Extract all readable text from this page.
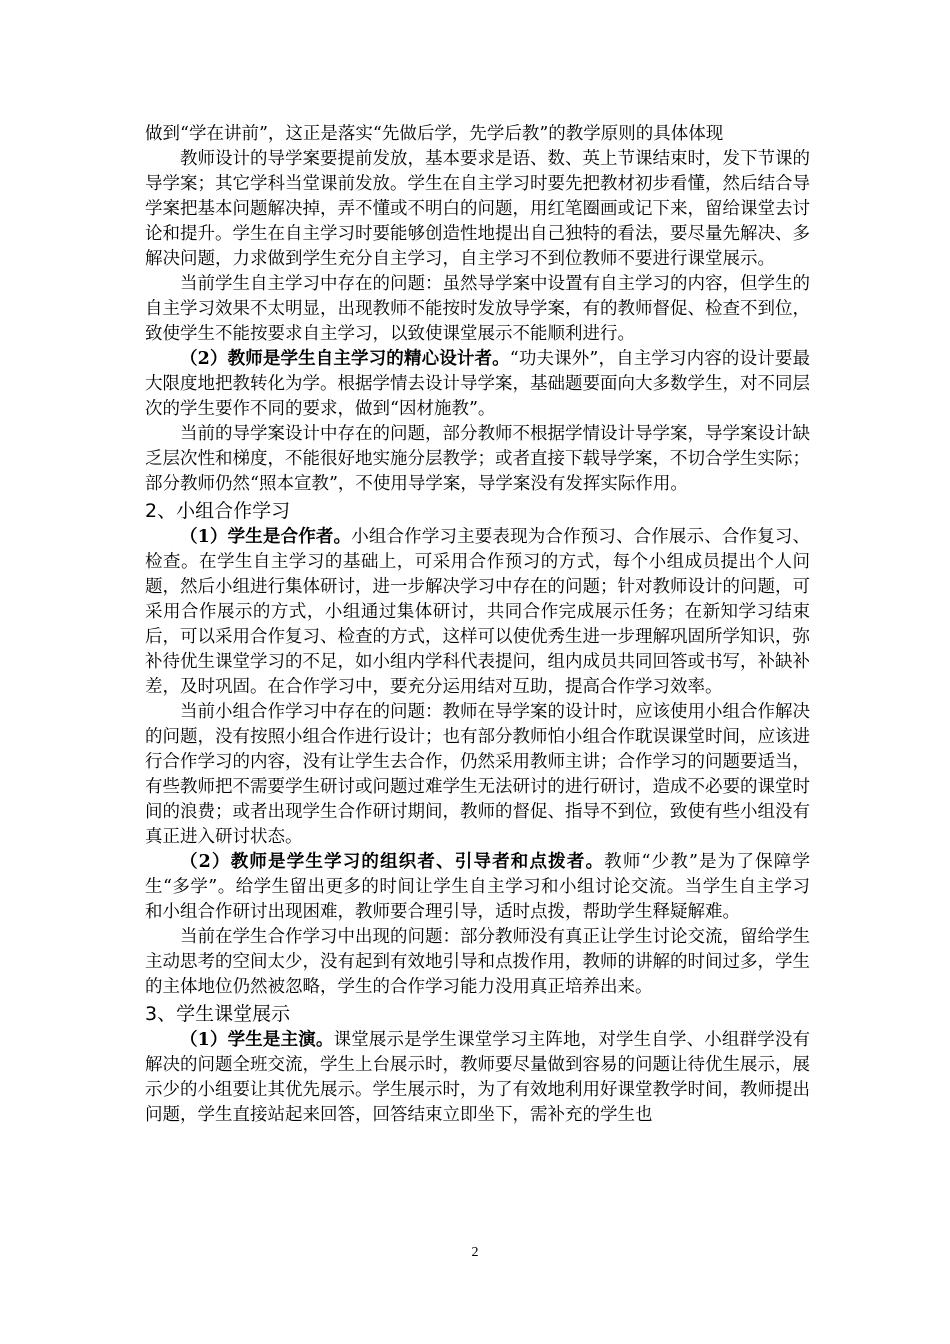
做到“学在讲前”，这正是落实“先做后学，先学后教”的教学原则的具体体现

教师设计的导学案要提前发放，基本要求是语、数、英上节课结束时，发下节课的导学案；其它学科当堂课前发放。学生在自主学习时要先把教材初步看懂，然后结合导学案把基本问题解决掉，弄不懂或不明白的问题，用红笔圈画或记下来，留给课堂去讨论和提升。学生在自主学习时要能够创造性地提出自己独特的看法，要尽量先解决、多解决问题，力求做到学生充分自主学习，自主学习不到位教师不要进行课堂展示。

当前学生自主学习中存在的问题：虽然导学案中设置有自主学习的内容，但学生的自主学习效果不太明显，出现教师不能按时发放导学案，有的教师督促、检查不到位，致使学生不能按要求自主学习，以致使课堂展示不能顺利进行。

（2）教师是学生自主学习的精心设计者。“功夫课外”，自主学习内容的设计要最大限度地把教转化为学。根据学情去设计导学案，基础题要面向大多数学生，对不同层次的学生要作不同的要求，做到“因材施教”。

当前的导学案设计中存在的问题，部分教师不根据学情设计导学案，导学案设计缺乏层次性和梯度，不能很好地实施分层教学；或者直接下载导学案，不切合学生实际；部分教师仍然“照本宣教”，不使用导学案，导学案没有发挥实际作用。

2、小组合作学习

（1）学生是合作者。小组合作学习主要表现为合作预习、合作展示、合作复习、检查。在学生自主学习的基础上，可采用合作预习的方式，每个小组成员提出个人问题，然后小组进行集体研讨，进一步解决学习中存在的问题；针对教师设计的问题，可采用合作展示的方式，小组通过集体研讨，共同合作完成展示任务；在新知学习结束后，可以采用合作复习、检查的方式，这样可以使优秀生进一步理解巩固所学知识，弥补待优生课堂学习的不足，如小组内学科代表提问，组内成员共同回答或书写，补缺补差，及时巩固。在合作学习中，要充分运用结对互助，提高合作学习效率。

当前小组合作学习中存在的问题：教师在导学案的设计时，应该使用小组合作解决的问题，没有按照小组合作进行设计；也有部分教师怕小组合作耽误课堂时间，应该进行合作学习的内容，没有让学生去合作，仍然采用教师主讲；合作学习的问题要适当，有些教师把不需要学生研讨或问题过难学生无法研讨的进行研讨，造成不必要的课堂时间的浪费；或者出现学生合作研讨期间，教师的督促、指导不到位，致使有些小组没有真正进入研讨状态。

（2）教师是学生学习的组织者、引导者和点拨者。教师“少教”是为了保障学生“多学”。给学生留出更多的时间让学生自主学习和小组讨论交流。当学生自主学习和小组合作研讨出现困难，教师要合理引导，适时点拨，帮助学生释疑解难。

当前在学生合作学习中出现的问题：部分教师没有真正让学生讨论交流，留给学生主动思考的空间太少，没有起到有效地引导和点拨作用，教师的讲解的时间过多，学生的主体地位仍然被忽略，学生的合作学习能力没用真正培养出来。

3、学生课堂展示

（1）学生是主演。课堂展示是学生课堂学习主阵地，对学生自学、小组群学没有解决的问题全班交流，学生上台展示时，教师要尽量做到容易的问题让待优生展示，展示少的小组要让其优先展示。学生展示时，为了有效地利用好课堂教学时间，教师提出问题，学生直接站起来回答，回答结束立即坐下，需补充的学生也

2
